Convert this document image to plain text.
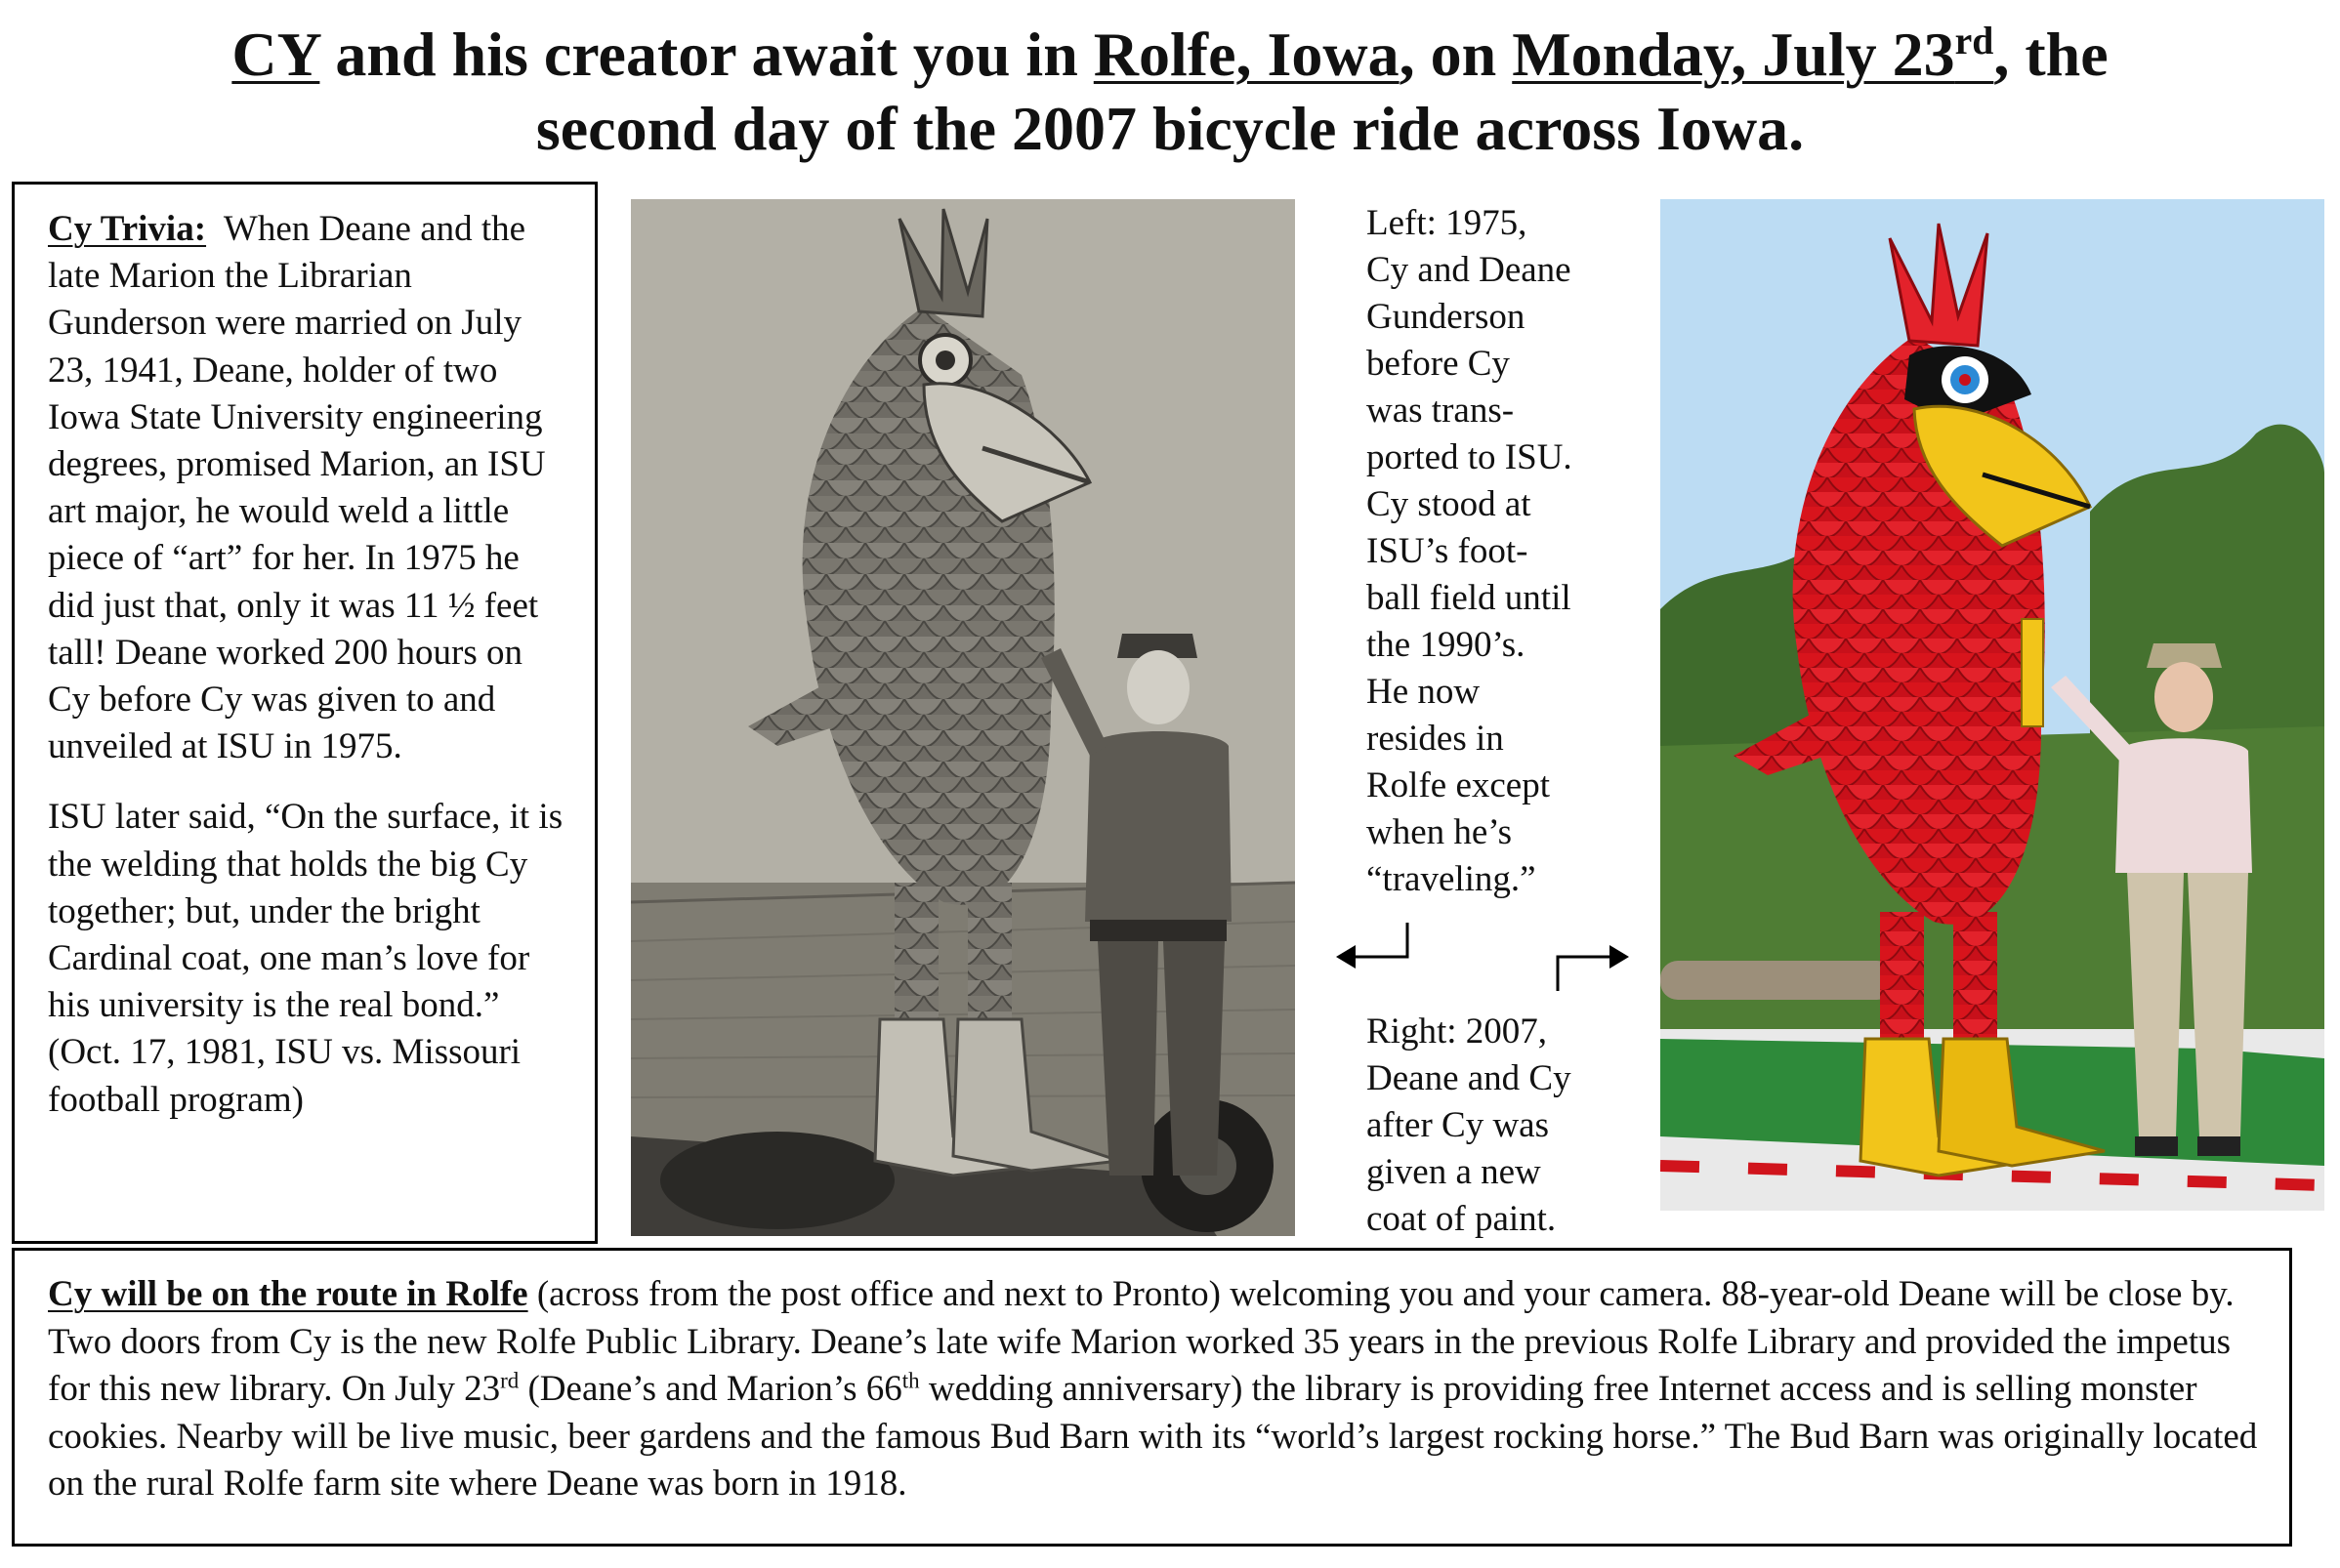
CY and his creator await you in Rolfe, Iowa, on Monday, July 23rd, the
second day of the 2007 bicycle ride across Iowa.

Cy Trivia: When Deane and the late Marion the Librarian Gunderson were married on July 23, 1941, Deane, holder of two Iowa State University engineering degrees, promised Marion, an ISU art major, he would weld a little piece of “art” for her. In 1975 he did just that, only it was 11 ½ feet tall! Deane worked 200 hours on Cy before Cy was given to and unveiled at ISU in 1975.

ISU later said, “On the surface, it is the welding that holds the big Cy together; but, under the bright Cardinal coat, one man’s love for his university is the real bond.” (Oct. 17, 1981, ISU vs. Missouri football program)

Left: 1975,
Cy and Deane
Gunderson
before Cy
was trans-
ported to ISU.
Cy stood at
ISU’s foot-
ball field until
the 1990’s.
He now
resides in
Rolfe except
when he’s
“traveling.”
Right: 2007,
Deane and Cy
after Cy was
given a new
coat of paint.
Cy will be on the route in Rolfe (across from the post office and next to Pronto) welcoming you and your camera. 88-year-old Deane will be close by. Two doors from Cy is the new Rolfe Public Library. Deane’s late wife Marion worked 35 years in the previous Rolfe Library and provided the impetus for this new library. On July 23rd (Deane’s and Marion’s 66th wedding anniversary) the library is providing free Internet access and is selling monster cookies. Nearby will be live music, beer gardens and the famous Bud Barn with its “world’s largest rocking horse.” The Bud Barn was originally located on the rural Rolfe farm site where Deane was born in 1918.
